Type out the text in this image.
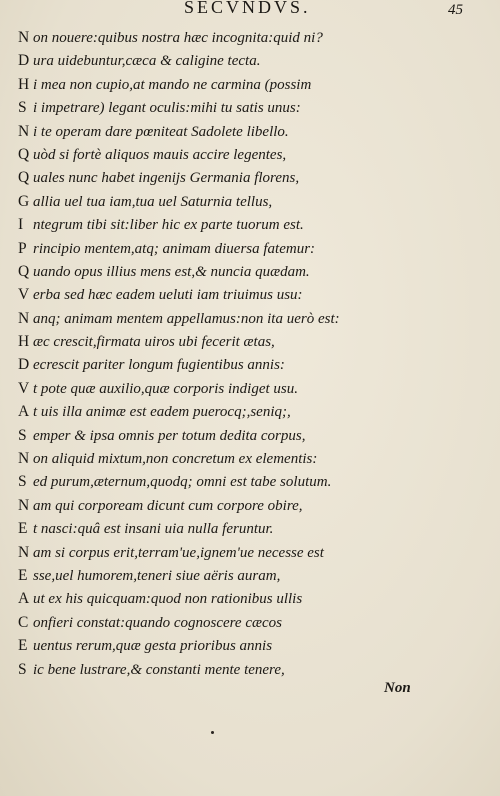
SECVNDVS.	45
N on nouere:quibus nostra hæc incognita:quid ni?
D ura uidebuntur,cæca & caligine tecta.
H i mea non cupio,at mando ne carmina (possim
S i impetrare) legant oculis:mihi tu satis unus:
N i te operam dare pœniteat Sadolete libello.
Q uòd si fortè aliquos mauis accire legentes,
Q uales nunc habet ingenijs Germania florens,
G allia uel tua iam,tua uel Saturnia tellus,
I ntegrum tibi sit:liber hic ex parte tuorum est.
P rincipio mentem,atq; animam diuersa fatemur:
Q uando opus illius mens est,& nuncia quædam.
V erba sed hæc eadem ueluti iam triuimus usu:
N anq; animam mentem appellamus:non ita uerò est:
H æc crescit,firmata uiros ubi fecerit ætas,
D ecrescit pariter longum fugientibus annis:
V t pote quæ auxilio,quæ corporis indiget usu.
A t uis illa animæ est eadem puerocq;,seniq;,
S emper & ipsa omnis per totum dedita corpus,
N on aliquid mixtum,non concretum ex elementis:
S ed purum,æternum,quodq; omni est tabe solutum.
N am qui corpoream dicunt cum corpore obire,
E t nasci:quâ est insani uia nulla feruntur.
N am si corpus erit,terram'ue,ignem'ue necesse est
E sse,uel humorem,teneri siue aëris auram,
A ut ex his quicquam:quod non rationibus ullis
C onfieri constat:quando cognoscere cæcos
E uentus rerum,quæ gesta prioribus annis
S ic bene lustrare,& constanti mente tenere,
Non
